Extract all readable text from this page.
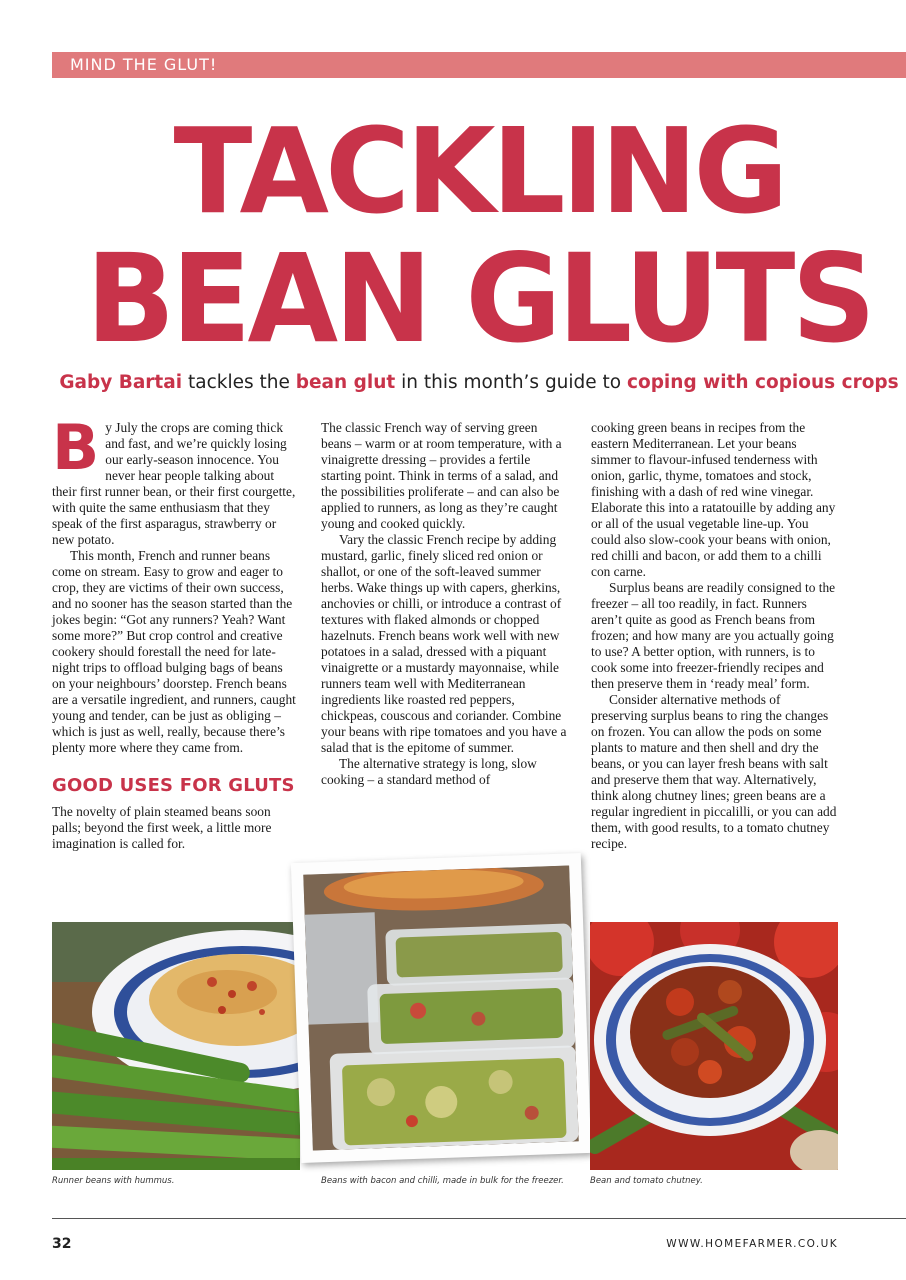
MIND THE GLUT!
TACKLING
BEAN GLUTS
Gaby Bartai tackles the bean glut in this month’s guide to coping with copious crops

By July the crops are coming thick and fast, and we’re quickly losing our early-season innocence. You never hear people talking about their first runner bean, or their first courgette, with quite the same enthusiasm that they speak of the first asparagus, strawberry or new potato.

This month, French and runner beans come on stream. Easy to grow and eager to crop, they are victims of their own success, and no sooner has the season started than the jokes begin: “Got any runners? Yeah? Want some more?” But crop control and creative cookery should forestall the need for late-night trips to offload bulging bags of beans on your neighbours’ doorstep. French beans are a versatile ingredient, and runners, caught young and tender, can be just as obliging – which is just as well, really, because there’s plenty more where they came from.

GOOD USES FOR GLUTS

The novelty of plain steamed beans soon palls; beyond the first week, a little more imagination is called for.

The classic French way of serving green beans – warm or at room temperature, with a vinaigrette dressing – provides a fertile starting point. Think in terms of a salad, and the possibilities proliferate – and can also be applied to runners, as long as they’re caught young and cooked quickly.

Vary the classic French recipe by adding mustard, garlic, finely sliced red onion or shallot, or one of the soft-leaved summer herbs. Wake things up with capers, gherkins, anchovies or chilli, or introduce a contrast of textures with flaked almonds or chopped hazelnuts. French beans work well with new potatoes in a salad, dressed with a piquant vinaigrette or a mustardy mayonnaise, while runners team well with Mediterranean ingredients like roasted red peppers, chickpeas, couscous and coriander. Combine your beans with ripe tomatoes and you have a salad that is the epitome of summer.

The alternative strategy is long, slow cooking – a standard method of

cooking green beans in recipes from the eastern Mediterranean. Let your beans simmer to flavour-infused tenderness with onion, garlic, thyme, tomatoes and stock, finishing with a dash of red wine vinegar. Elaborate this into a ratatouille by adding any or all of the usual vegetable line-up. You could also slow-cook your beans with onion, red chilli and bacon, or add them to a chilli con carne.

Surplus beans are readily consigned to the freezer – all too readily, in fact. Runners aren’t quite as good as French beans from frozen; and how many are you actually going to use? A better option, with runners, is to cook some into freezer-friendly recipes and then preserve them in ‘ready meal’ form.

Consider alternative methods of preserving surplus beans to ring the changes on frozen. You can allow the pods on some plants to mature and then shell and dry the beans, or you can layer fresh beans with salt and preserve them that way. Alternatively, think along chutney lines; green beans are a regular ingredient in piccalilli, or you can add them, with good results, to a tomato chutney recipe.

Runner beans with hummus.	Beans with bacon and chilli, made in bulk for the freezer.	Bean and tomato chutney.
32	WWW.HOMEFARMER.CO.UK
